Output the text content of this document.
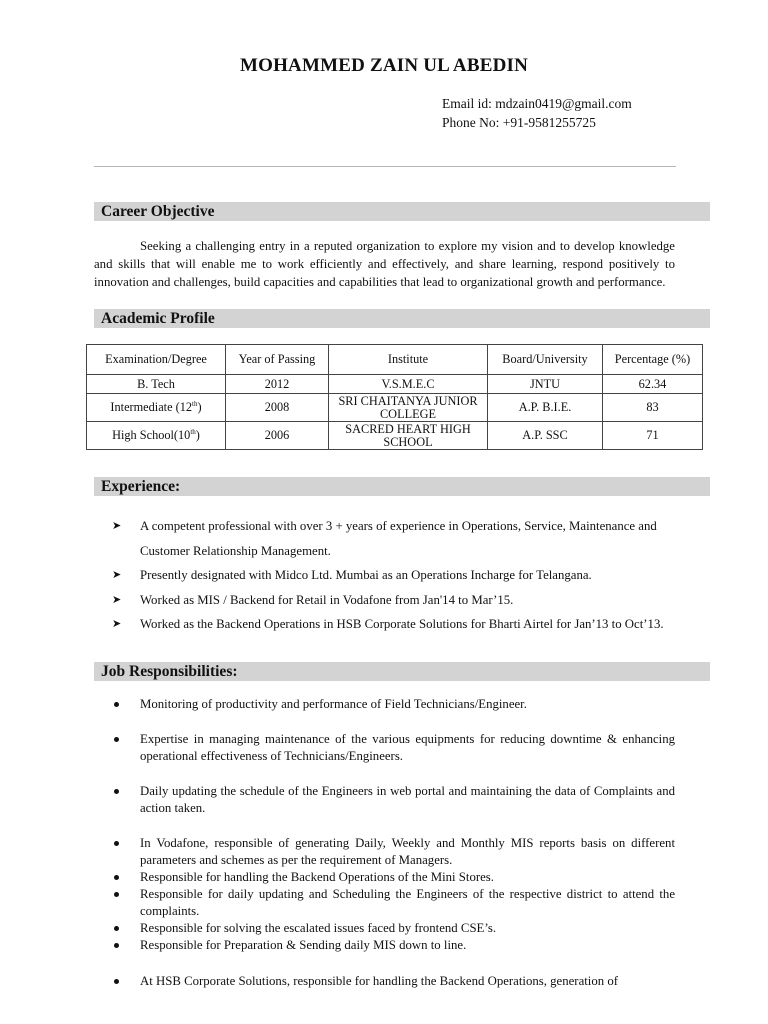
MOHAMMED ZAIN UL ABEDIN
Email id: mdzain0419@gmail.com
Phone No: +91-9581255725
Career Objective

Seeking a challenging entry in a reputed organization to explore my vision and to develop knowledge and skills that will enable me to work efficiently and effectively, and share learning, respond positively to innovation and challenges, build capacities and capabilities that lead to organizational growth and performance.

Academic Profile
Examination/Degree	Year of Passing	Institute	Board/University	Percentage (%)
B. Tech	2012	V.S.M.E.C	JNTU	62.34
Intermediate (12th)	2008	SRI CHAITANYA JUNIOR COLLEGE	A.P. B.I.E.	83
High School(10th)	2006	SACRED HEART HIGH SCHOOL	A.P. SSC	71
Experience:
➤ A competent professional with over 3 + years of experience in Operations, Service, Maintenance and Customer Relationship Management.
➤ Presently designated with Midco Ltd. Mumbai as an Operations Incharge for Telangana.
➤ Worked as MIS / Backend for Retail in Vodafone from Jan'14 to Mar’15.
➤ Worked as the Backend Operations in HSB Corporate Solutions for Bharti Airtel for Jan’13 to Oct’13.
Job Responsibilities:
Monitoring of productivity and performance of Field Technicians/Engineer.
Expertise in managing maintenance of the various equipments for reducing downtime & enhancing operational effectiveness of Technicians/Engineers.
Daily updating the schedule of the Engineers in web portal and maintaining the data of Complaints and action taken.
In Vodafone, responsible of generating Daily, Weekly and Monthly MIS reports basis on different parameters and schemes as per the requirement of Managers.
Responsible for handling the Backend Operations of the Mini Stores.
Responsible for daily updating and Scheduling the Engineers of the respective district to attend the complaints.
Responsible for solving the escalated issues faced by frontend CSE’s.
Responsible for Preparation & Sending daily MIS down to line.
At HSB Corporate Solutions, responsible for handling the Backend Operations, generation of
